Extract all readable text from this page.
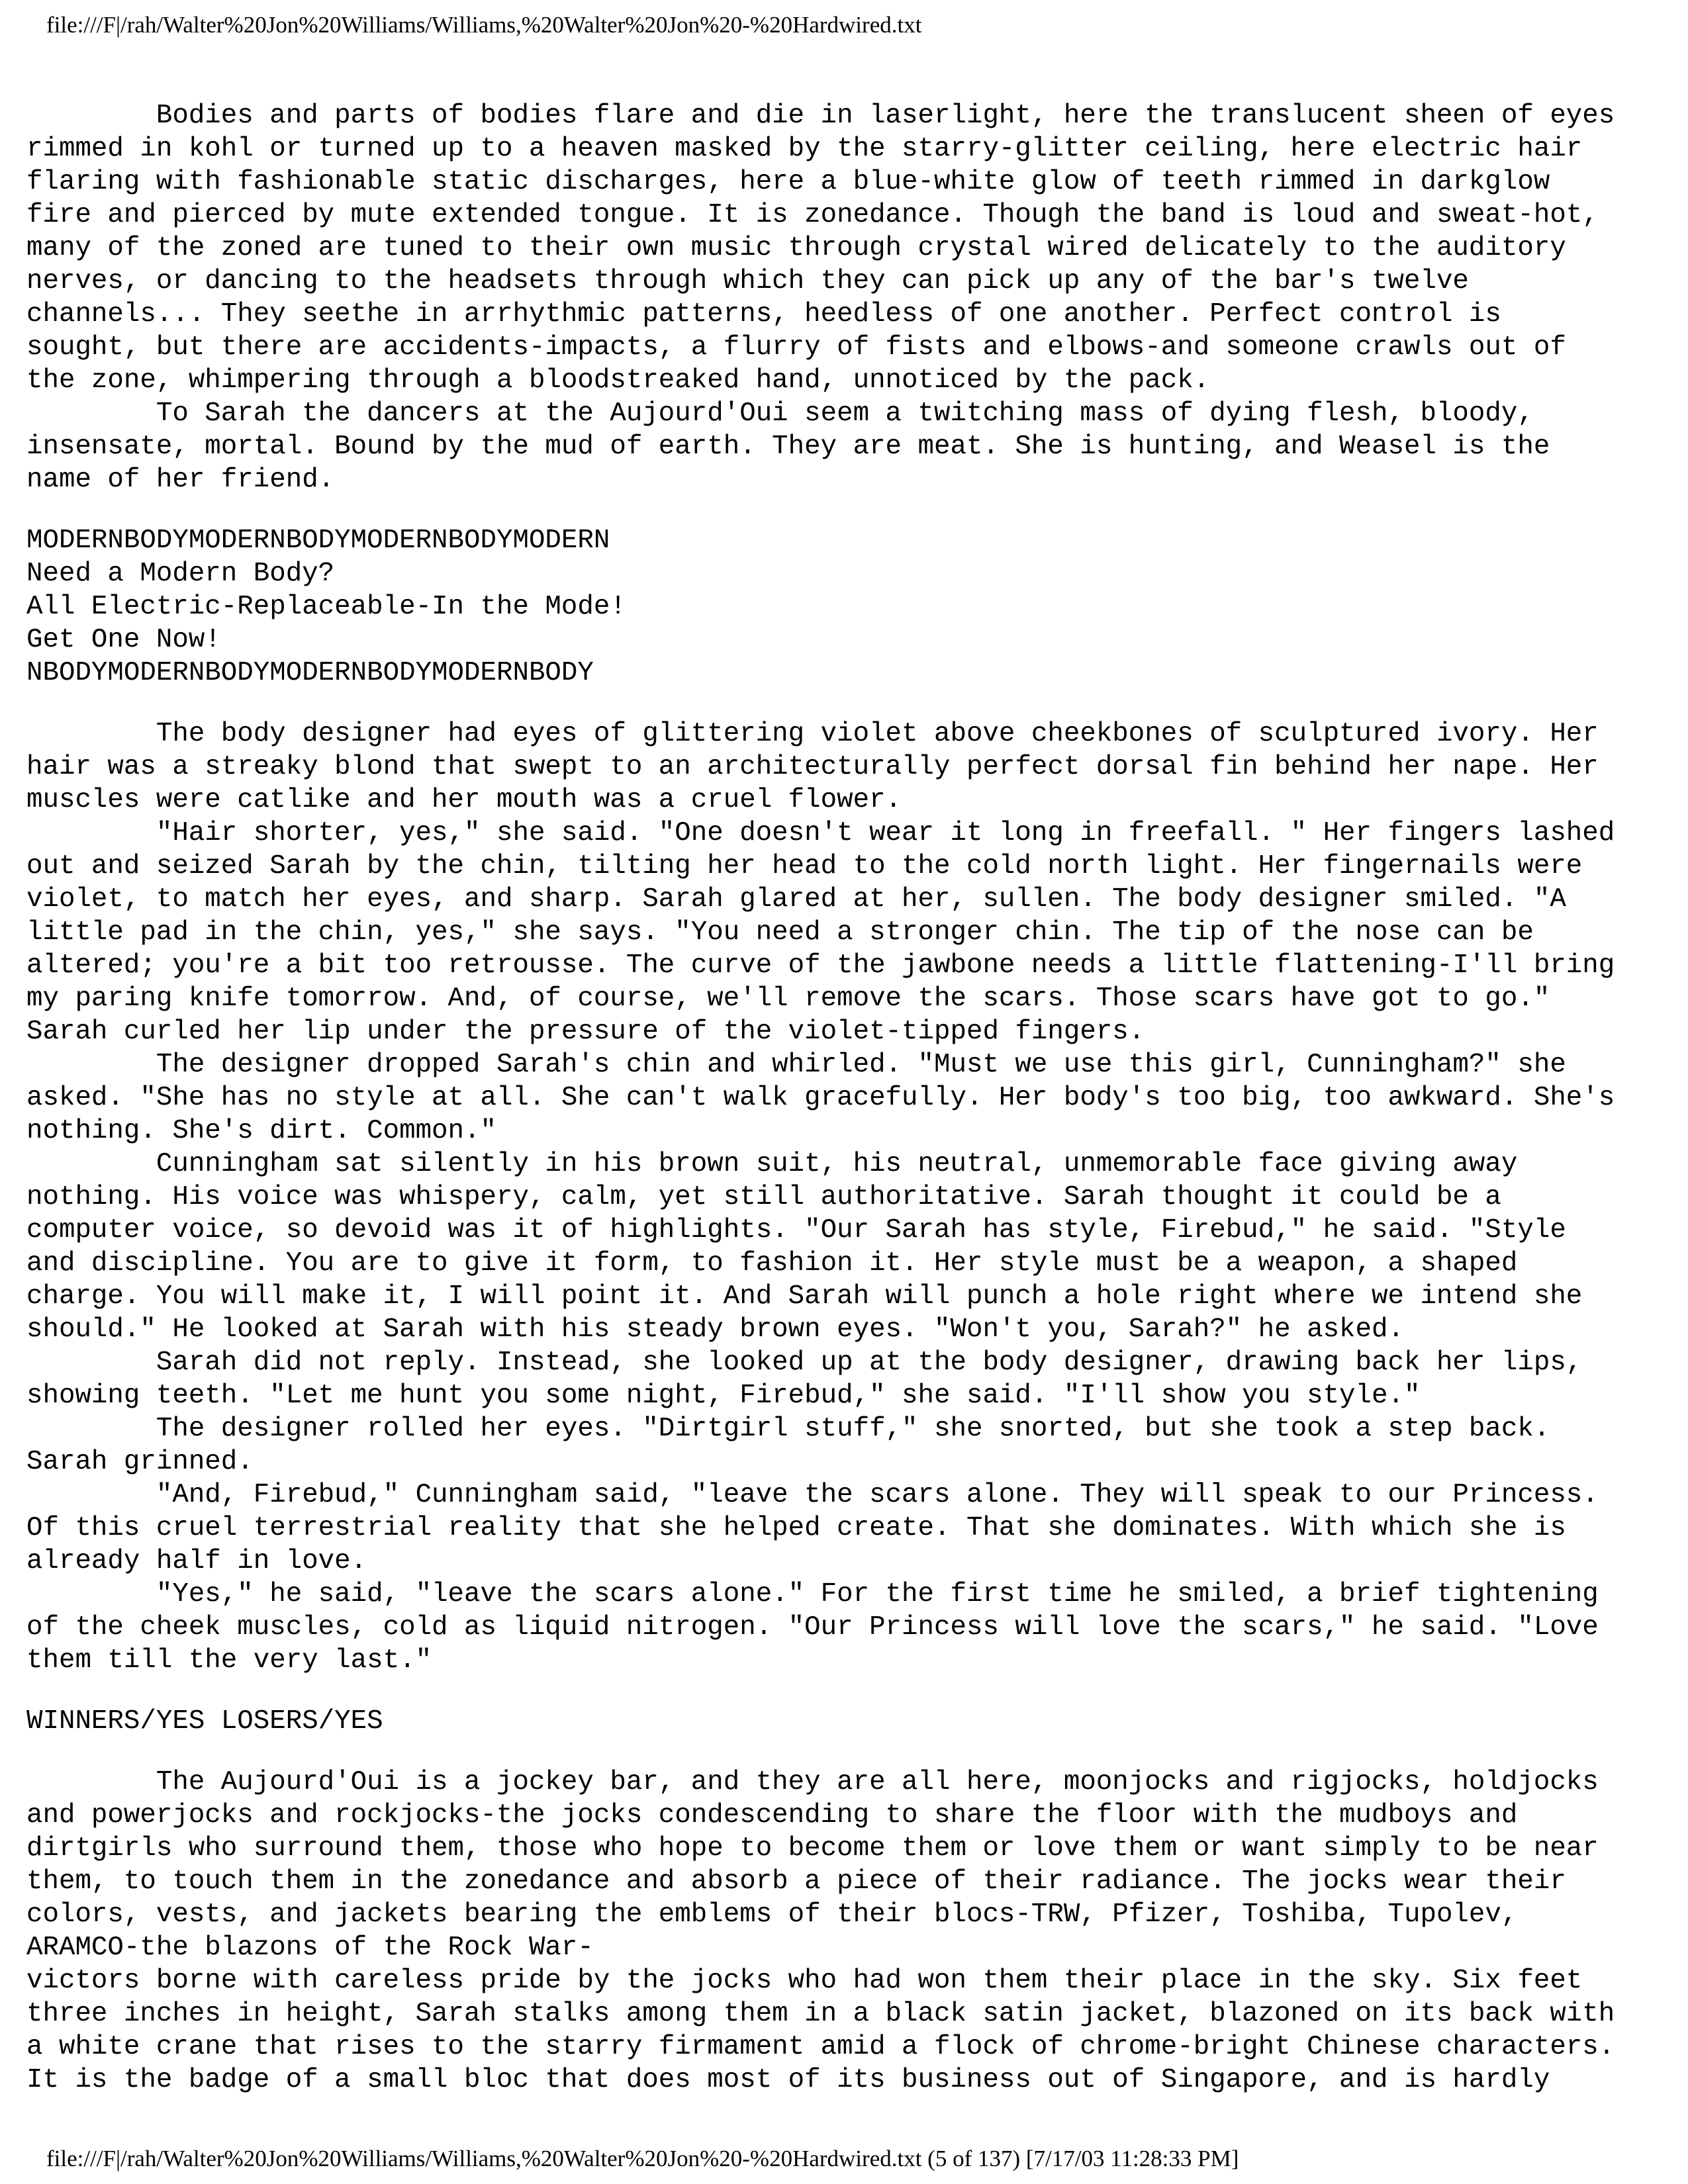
file:///F|/rah/Walter%20Jon%20Williams/Williams,%20Walter%20Jon%20-%20Hardwired.txt
Bodies and parts of bodies flare and die in laserlight, here the translucent sheen of eyes
rimmed in kohl or turned up to a heaven masked by the starry-glitter ceiling, here electric hair
flaring with fashionable static discharges, here a blue-white glow of teeth rimmed in darkglow
fire and pierced by mute extended tongue. It is zonedance. Though the band is loud and sweat-hot,
many of the zoned are tuned to their own music through crystal wired delicately to the auditory
nerves, or dancing to the headsets through which they can pick up any of the bar's twelve
channels... They seethe in arrhythmic patterns, heedless of one another. Perfect control is
sought, but there are accidents-impacts, a flurry of fists and elbows-and someone crawls out of
the zone, whimpering through a bloodstreaked hand, unnoticed by the pack.
To Sarah the dancers at the Aujourd'Oui seem a twitching mass of dying flesh, bloody,
insensate, mortal. Bound by the mud of earth. They are meat. She is hunting, and Weasel is the
name of her friend.
MODERNBODYMODERNBODYMODERNBODYMODERN
Need a Modern Body?
All Electric-Replaceable-In the Mode!
Get One Now!
NBODYMODERNBODYMODERNBODYMODERNBODY
The body designer had eyes of glittering violet above cheekbones of sculptured ivory. Her
hair was a streaky blond that swept to an architecturally perfect dorsal fin behind her nape. Her
muscles were catlike and her mouth was a cruel flower.
"Hair shorter, yes," she said. "One doesn't wear it long in freefall. " Her fingers lashed
out and seized Sarah by the chin, tilting her head to the cold north light. Her fingernails were
violet, to match her eyes, and sharp. Sarah glared at her, sullen. The body designer smiled. "A
little pad in the chin, yes," she says. "You need a stronger chin. The tip of the nose can be
altered; you're a bit too retrousse. The curve of the jawbone needs a little flattening-I'll bring
my paring knife tomorrow. And, of course, we'll remove the scars. Those scars have got to go."
Sarah curled her lip under the pressure of the violet-tipped fingers.
The designer dropped Sarah's chin and whirled. "Must we use this girl, Cunningham?" she
asked. "She has no style at all. She can't walk gracefully. Her body's too big, too awkward. She's
nothing. She's dirt. Common."
Cunningham sat silently in his brown suit, his neutral, unmemorable face giving away
nothing. His voice was whispery, calm, yet still authoritative. Sarah thought it could be a
computer voice, so devoid was it of highlights. "Our Sarah has style, Firebud," he said. "Style
and discipline. You are to give it form, to fashion it. Her style must be a weapon, a shaped
charge. You will make it, I will point it. And Sarah will punch a hole right where we intend she
should." He looked at Sarah with his steady brown eyes. "Won't you, Sarah?" he asked.
Sarah did not reply. Instead, she looked up at the body designer, drawing back her lips,
showing teeth. "Let me hunt you some night, Firebud," she said. "I'll show you style."
The designer rolled her eyes. "Dirtgirl stuff," she snorted, but she took a step back.
Sarah grinned.
"And, Firebud," Cunningham said, "leave the scars alone. They will speak to our Princess.
Of this cruel terrestrial reality that she helped create. That she dominates. With which she is
already half in love.
"Yes," he said, "leave the scars alone." For the first time he smiled, a brief tightening
of the cheek muscles, cold as liquid nitrogen. "Our Princess will love the scars," he said. "Love
them till the very last."
WINNERS/YES LOSERS/YES
The Aujourd'Oui is a jockey bar, and they are all here, moonjocks and rigjocks, holdjocks
and powerjocks and rockjocks-the jocks condescending to share the floor with the mudboys and
dirtgirls who surround them, those who hope to become them or love them or want simply to be near
them, to touch them in the zonedance and absorb a piece of their radiance. The jocks wear their
colors, vests, and jackets bearing the emblems of their blocs-TRW, Pfizer, Toshiba, Tupolev,
ARAMCO-the blazons of the Rock War-
victors borne with careless pride by the jocks who had won them their place in the sky. Six feet
three inches in height, Sarah stalks among them in a black satin jacket, blazoned on its back with
a white crane that rises to the starry firmament amid a flock of chrome-bright Chinese characters.
It is the badge of a small bloc that does most of its business out of Singapore, and is hardly
file:///F|/rah/Walter%20Jon%20Williams/Williams,%20Walter%20Jon%20-%20Hardwired.txt (5 of 137) [7/17/03 11:28:33 PM]
